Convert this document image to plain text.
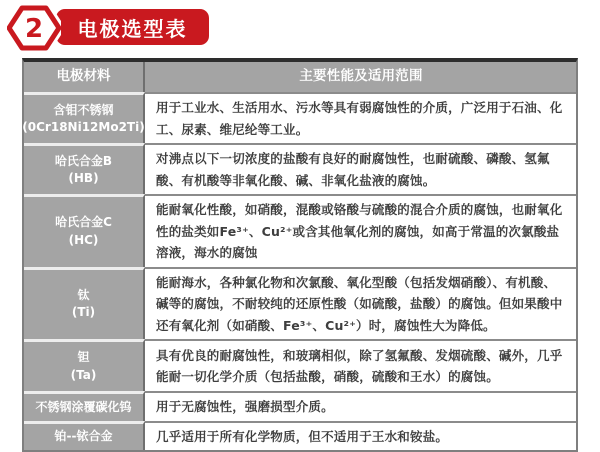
2 电极选型表
电极材料	主要性能及适用范围
含钼不锈钢
(0Cr18Ni12Mo2Ti)
用于工业水、生活用水、污水等具有弱腐蚀性的介质，广泛用于石油、化工、尿素、维尼纶等工业。
哈氏合金B
(HB)
对沸点以下一切浓度的盐酸有良好的耐腐蚀性，也耐硫酸、磷酸、氢氟酸、有机酸等非氧化酸、碱、非氧化盐液的腐蚀。
哈氏合金C
(HC)
能耐氧化性酸，如硝酸，混酸或铬酸与硫酸的混合介质的腐蚀，也耐氧化性的盐类如Fe³⁺、Cu²⁺或含其他氧化剂的腐蚀，如高于常温的次氯酸盐溶液，海水的腐蚀
钛
(Ti)
能耐海水，各种氯化物和次氯酸、氧化型酸（包括发烟硝酸）、有机酸、碱等的腐蚀，不耐较纯的还原性酸（如硫酸，盐酸）的腐蚀。但如果酸中还有氧化剂（如硝酸、Fe³⁺、Cu²⁺）时，腐蚀性大为降低。
钽
(Ta)
具有优良的耐腐蚀性，和玻璃相似，除了氢氟酸、发烟硫酸、碱外，几乎能耐一切化学介质（包括盐酸，硝酸，硫酸和王水）的腐蚀。
不锈钢涂覆碳化钨 用于无腐蚀性，强磨损型介质。
铂--铱合金	几乎适用于所有化学物质，但不适用于王水和铵盐。
